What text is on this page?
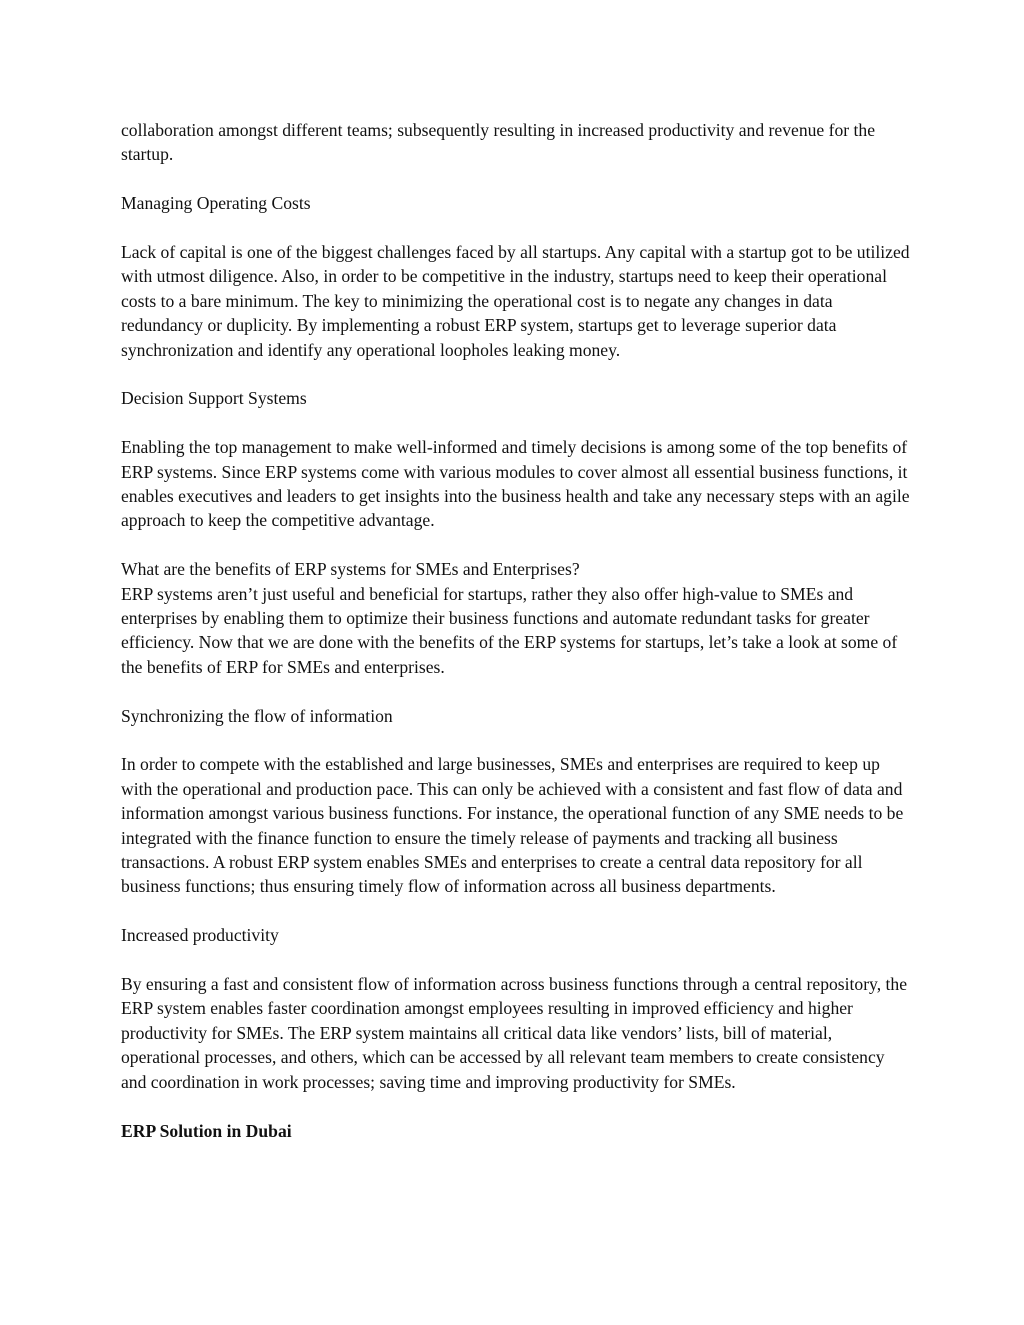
collaboration amongst different teams; subsequently resulting in increased productivity and revenue for the startup.

Managing Operating Costs

Lack of capital is one of the biggest challenges faced by all startups. Any capital with a startup got to be utilized with utmost diligence. Also, in order to be competitive in the industry, startups need to keep their operational costs to a bare minimum. The key to minimizing the operational cost is to negate any changes in data redundancy or duplicity. By implementing a robust ERP system, startups get to leverage superior data synchronization and identify any operational loopholes leaking money.

Decision Support Systems

Enabling the top management to make well-informed and timely decisions is among some of the top benefits of ERP systems. Since ERP systems come with various modules to cover almost all essential business functions, it enables executives and leaders to get insights into the business health and take any necessary steps with an agile approach to keep the competitive advantage.

What are the benefits of ERP systems for SMEs and Enterprises?

ERP systems aren’t just useful and beneficial for startups, rather they also offer high-value to SMEs and enterprises by enabling them to optimize their business functions and automate redundant tasks for greater efficiency. Now that we are done with the benefits of the ERP systems for startups, let’s take a look at some of the benefits of ERP for SMEs and enterprises.

Synchronizing the flow of information

In order to compete with the established and large businesses, SMEs and enterprises are required to keep up with the operational and production pace. This can only be achieved with a consistent and fast flow of data and information amongst various business functions. For instance, the operational function of any SME needs to be integrated with the finance function to ensure the timely release of payments and tracking all business transactions. A robust ERP system enables SMEs and enterprises to create a central data repository for all business functions; thus ensuring timely flow of information across all business departments.

Increased productivity

By ensuring a fast and consistent flow of information across business functions through a central repository, the ERP system enables faster coordination amongst employees resulting in improved efficiency and higher productivity for SMEs. The ERP system maintains all critical data like vendors’ lists, bill of material, operational processes, and others, which can be accessed by all relevant team members to create consistency and coordination in work processes; saving time and improving productivity for SMEs.

ERP Solution in Dubai
